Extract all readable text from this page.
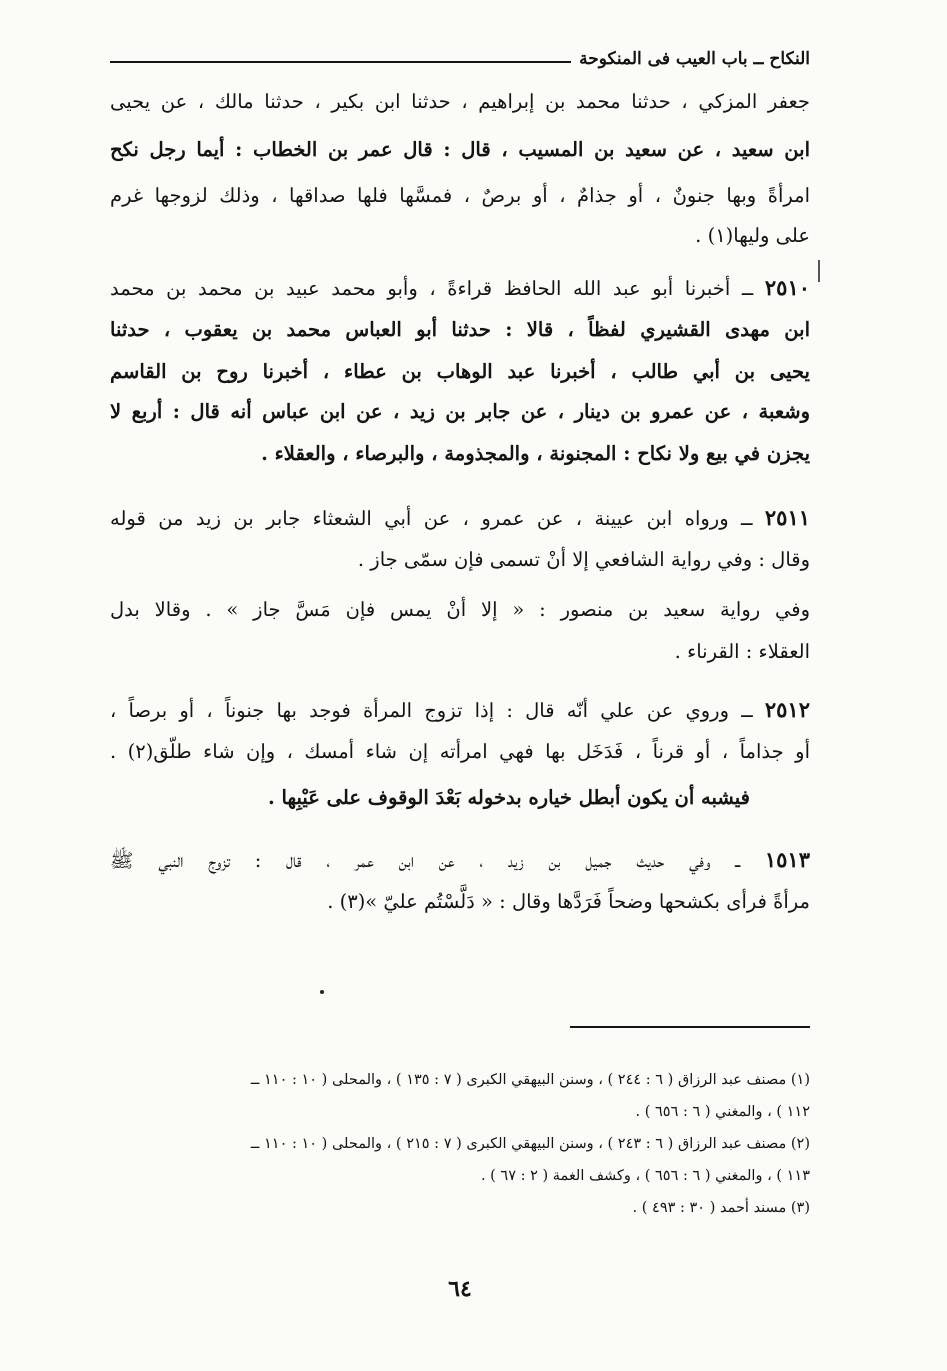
النكاح ــ باب العيب فى المنكوحة
جعفر المزكي ، حدثنا محمد بن إبراهيم ، حدثنا ابن بكير ، حدثنا مالك ، عن يحيى
ابن سعيد ، عن سعيد بن المسيب ، قال : قال عمر بن الخطاب : أيما رجل نكح
امرأةً وبها جنونٌ ، أو جذامٌ ، أو برصٌ ، فمسَّها فلها صداقها ، وذلك لزوجها غرم
على وليها(١) .
٢٥١٠ ــ أخبرنا أبو عبد الله الحافظ قراءةً ، وأبو محمد عبيد بن محمد بن محمد
ابن مهدى القشيري لفظاً ، قالا : حدثنا أبو العباس محمد بن يعقوب ، حدثنا
يحيى بن أبي طالب ، أخبرنا عبد الوهاب بن عطاء ، أخبرنا روح بن القاسم
وشعبة ، عن عمرو بن دينار ، عن جابر بن زيد ، عن ابن عباس أنه قال : أربع لا
يجزن في بيع ولا نكاح : المجنونة ، والمجذومة ، والبرصاء ، والعقلاء .
٢٥١١ ــ ورواه ابن عيينة ، عن عمرو ، عن أبي الشعثاء جابر بن زيد من قوله
وقال : وفي رواية الشافعي إلا أنْ تسمى فإن سمّى جاز .
وفي رواية سعيد بن منصور : « إلا أنْ يمس فإن مَسَّ جاز » . وقالا بدل
العقلاء : القرناء .
٢٥١٢ ــ وروي عن علي أنّه قال : إذا تزوج المرأة فوجد بها جنوناً ، أو برصاً ،
أو جذاماً ، أو قرناً ، فَدَخَل بها فهي امرأته إن شاء أمسك ، وإن شاء طلّق(٢) .
فيشبه أن يكون أبطل خياره بدخوله بَعْدَ الوقوف على عَيْبِها .
١٥١٣ ــ وفي حديث جميل بن زيد ، عن ابن عمر ، قال : تزوج النبي ﷺ
مرأةً فرأى بكشحها وضحاً فَرَدَّها وقال : « دَلَّسْتُم عليّ »(٣) .
(١) مصنف عبد الرزاق ( ٦ : ٢٤٤ ) ، وسنن البيهقي الكبرى ( ٧ : ١٣٥ ) ، والمحلى ( ١٠ : ١١٠ ــ
١١٢ ) ، والمغني ( ٦ : ٦٥٦ ) .
(٢) مصنف عبد الرزاق ( ٦ : ٢٤٣ ) ، وسنن البيهقي الكبرى ( ٧ : ٢١٥ ) ، والمحلى ( ١٠ : ١١٠ ــ
١١٣ ) ، والمغني ( ٦ : ٦٥٦ ) ، وكشف الغمة ( ٢ : ٦٧ ) .
(٣) مسند أحمد ( ٣٠ : ٤٩٣ ) .
٦٤
